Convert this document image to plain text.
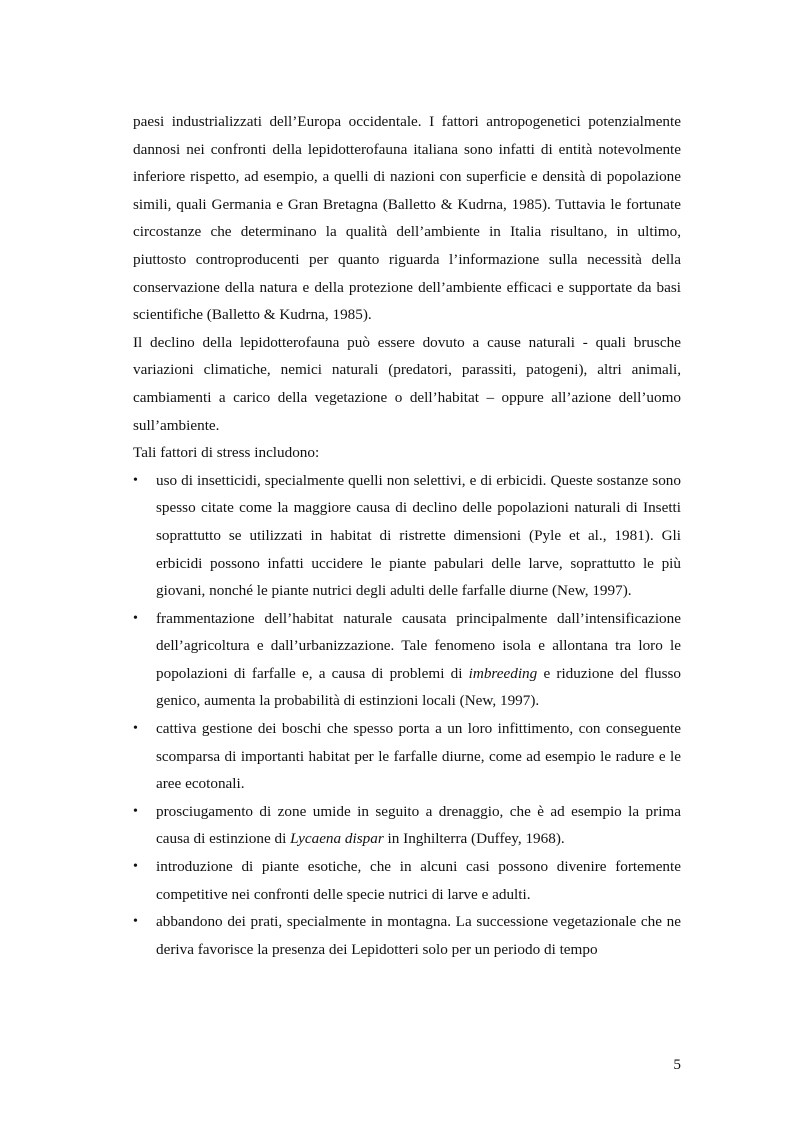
paesi industrializzati dell’Europa occidentale. I fattori antropogenetici potenzialmente dannosi nei confronti della lepidotterofauna italiana sono infatti di entità notevolmente inferiore rispetto, ad esempio, a quelli di nazioni con superficie e densità di popolazione simili, quali Germania e Gran Bretagna (Balletto & Kudrna, 1985). Tuttavia le fortunate circostanze che determinano la qualità dell’ambiente in Italia risultano, in ultimo, piuttosto controproducenti per quanto riguarda l’informazione sulla necessità della conservazione della natura e della protezione dell’ambiente efficaci e supportate da basi scientifiche (Balletto & Kudrna, 1985).

Il declino della lepidotterofauna può essere dovuto a cause naturali - quali brusche variazioni climatiche, nemici naturali (predatori, parassiti, patogeni), altri animali, cambiamenti a carico della vegetazione o dell’habitat – oppure all’azione dell’uomo sull’ambiente.

Tali fattori di stress includono:

• uso di insetticidi, specialmente quelli non selettivi, e di erbicidi. Queste sostanze sono spesso citate come la maggiore causa di declino delle popolazioni naturali di Insetti soprattutto se utilizzati in habitat di ristrette dimensioni (Pyle et al., 1981). Gli erbicidi possono infatti uccidere le piante pabulari delle larve, soprattutto le più giovani, nonché le piante nutrici degli adulti delle farfalle diurne (New, 1997).
• frammentazione dell’habitat naturale causata principalmente dall’intensificazione dell’agricoltura e dall’urbanizzazione. Tale fenomeno isola e allontana tra loro le popolazioni di farfalle e, a causa di problemi di imbreeding e riduzione del flusso genico, aumenta la probabilità di estinzioni locali (New, 1997).
• cattiva gestione dei boschi che spesso porta a un loro infittimento, con conseguente scomparsa di importanti habitat per le farfalle diurne, come ad esempio le radure e le aree ecotonali.
• prosciugamento di zone umide in seguito a drenaggio, che è ad esempio la prima causa di estinzione di Lycaena dispar in Inghilterra (Duffey, 1968).
• introduzione di piante esotiche, che in alcuni casi possono divenire fortemente competitive nei confronti delle specie nutrici di larve e adulti.
• abbandono dei prati, specialmente in montagna. La successione vegetazionale che ne deriva favorisce la presenza dei Lepidotteri solo per un periodo di tempo
5
